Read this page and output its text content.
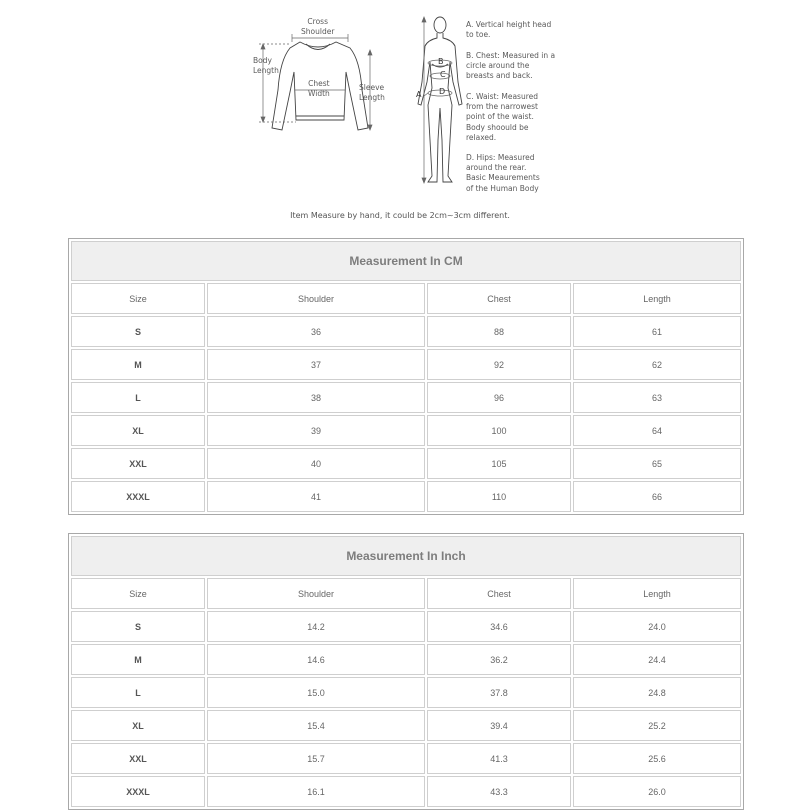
Cross
Shoulder
Body
Length
Chest
Width
Sleeve
Length	A
B
C
D
A. Vertical height head
to toe.
B. Chest: Measured in a
circle around the
breasts and back.
C. Waist: Measured
from the narrowest
point of the waist.
Body shoould be
relaxed.
D. Hips: Measured
around the rear.
Basic Meaurements
of the Human Body
Item Measure by hand, it could be 2cm~3cm different.
Measurement In CM			
Size	Shoulder	Chest	Length
S	36	88	61
M	37	92	62
L	38	96	63
XL	39	100	64
XXL	40	105	65
XXXL	41	110	66
Measurement In Inch			
Size	Shoulder	Chest	Length
S	14.2	34.6	24.0
M	14.6	36.2	24.4
L	15.0	37.8	24.8
XL	15.4	39.4	25.2
XXL	15.7	41.3	25.6
XXXL	16.1	43.3	26.0
